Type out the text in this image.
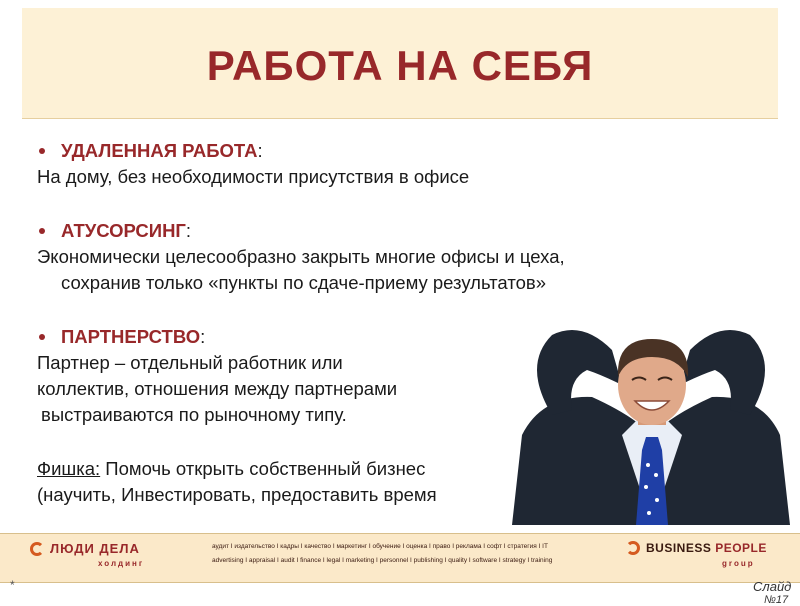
РАБОТА НА СЕБЯ
УДАЛЕННАЯ РАБОТА :
На дому, без необходимости присутствия в офисе
АТУСОРСИНГ :
Экономически целесообразно закрыть многие офисы и цеха,
сохранив только «пункты по сдаче-приему результатов»
ПАРТНЕРСТВО :
Партнер – отдельный работник или
коллектив, отношения между партнерами
выстраиваются по рыночному типу.
Фишка: Помочь открыть собственный бизнес
(научить, Инвестировать, предоставить время
ЛЮДИ ДЕЛА
холдинг
аудит I издательство I кадры I качество I маркетинг I обучение I оценка I право I реклама I софт I стратегия I IT
advertising I appraisal I audit I finance I legal I marketing I personnel I publishing I quality I software I strategy I training
BUSINESS PEOPLE
group
*	Слайд
№17
